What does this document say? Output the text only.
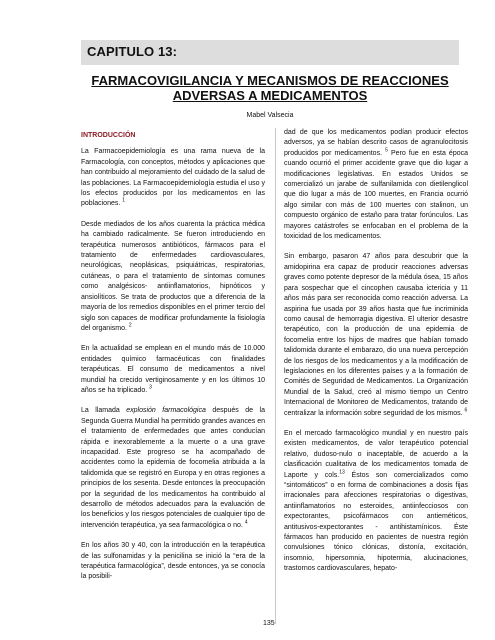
CAPITULO 13:
FARMACOVIGILANCIA Y MECANISMOS DE REACCIONES
ADVERSAS A MEDICAMENTOS
Mabel Valsecia
INTRODUCCIÓN

La Farmacoepidemiología es una rama nueva de la Farmacología, con conceptos, métodos y aplicaciones que han contribuido al mejoramiento del cuidado de la salud de las poblaciones. La Farmacoepidemiología estudia el uso y los efectos producidos por los medicamentos en las poblaciones. $^1$

Desde mediados de los años cuarenta la práctica médica ha cambiado radicalmente. Se fueron introduciendo en terapéutica numerosos antibióticos, fármacos para el tratamiento de enfermedades cardiovasculares, neurológicas, neoplásicas, psiquiátricas, respiratorias, cutáneas, o para el tratamiento de síntomas comunes como analgésicos- antiinflamatorios, hipnóticos y ansiolíticos. Se trata de productos que a diferencia de la mayoría de los remedios disponibles en el primer tercio del siglo son capaces de modificar profundamente la fisiología del organismo. $^2$

En la actualidad se emplean en el mundo más de 10.000 entidades químico farmacéuticas con finalidades terapéuticas. El consumo de medicamentos a nivel mundial ha crecido vertiginosamente y en los últimos 10 años se ha triplicado. $^3$

La llamada explosión farmacológica después de la Segunda Guerra Mundial ha permitido grandes avances en el tratamiento de enfermedades que antes conducían rápida e inexorablemente a la muerte o a una grave incapacidad. Este progreso se ha acompañado de accidentes como la epidemia de focomelia atribuida a la talidomida que se registró en Europa y en otras regiones a principios de los sesenta. Desde entonces la preocupación por la seguridad de los medicamentos ha contribuido al desarrollo de métodos adecuados para la evaluación de los beneficios y los riesgos potenciales de cualquier tipo de intervención terapéutica, ya sea farmacológica o no. $^4$

En los años 30 y 40, con la introducción en la terapéutica de las sulfonamidas y la penicilina se inició la “era de la terapéutica farmacológica”, desde entonces, ya se conocía la posibili-

dad de que los medicamentos podían producir efectos adversos, ya se habían descrito casos de agranulocitosis producidos por medicamentos. $^5$ Pero fue en esta época cuando ocurrió el primer accidente grave que dio lugar a modificaciones legislativas. En estados Unidos se comercializó un jarabe de sulfanilamida con dietilenglicol que dio lugar a más de 100 muertes, en Francia ocurrió algo similar con más de 100 muertes con stalinon, un compuesto orgánico de estaño para tratar forúnculos. Las mayores catástrofes se enfocaban en el problema de la toxicidad de los medicamentos.

Sin embargo, pasaron 47 años para descubrir que la amidopirina era capaz de producir reacciones adversas graves como potente depresor de la médula ósea, 15 años para sospechar que el cincophen causaba ictericia y 11 años más para ser reconocida como reacción adversa. La aspirina fue usada por 39 años hasta que fue incriminida como causal de hemorragia digestiva. El ulterior desastre terapéutico, con la producción de una epidemia de focomelia entre los hijos de madres que habían tomado talidomida durante el embarazo, dio una nueva percepción de los riesgos de los medicamentos y a la modificación de legislaciones en los diferentes países y a la formación de Comités de Seguridad de Medicamentos. La Organización Mundial de la Salud, creó al mismo tiempo un Centro Internacional de Monitoreo de Medicamentos, tratando de centralizar la información sobre seguridad de los mismos. $^6$

En el mercado farmacológico mundial y en nuestro país existen medicamentos, de valor terapéutico potencial relativo, dudoso-nulo o inaceptable, de acuerdo a la clasificación cualitativa de los medicamentos tomada de Laporte y cols.$^{13}$ Éstos son comercializados como “sintomáticos” o en forma de combinaciones a dosis fijas irracionales para afecciones respiratorias o digestivas, antiinflamatorios no esteroides, antiinfecciosos con expectorantes, psicofármacos con antieméticos, antitusivos-expectorantes - antihistamínicos. Éste fármacos han producido en pacientes de nuestra región convulsiones tónico clónicas, distonía, excitación, insomnio, hipersomnia, hipotermia, alucinaciones, trastornos cardiovasculares, hepato-

135
